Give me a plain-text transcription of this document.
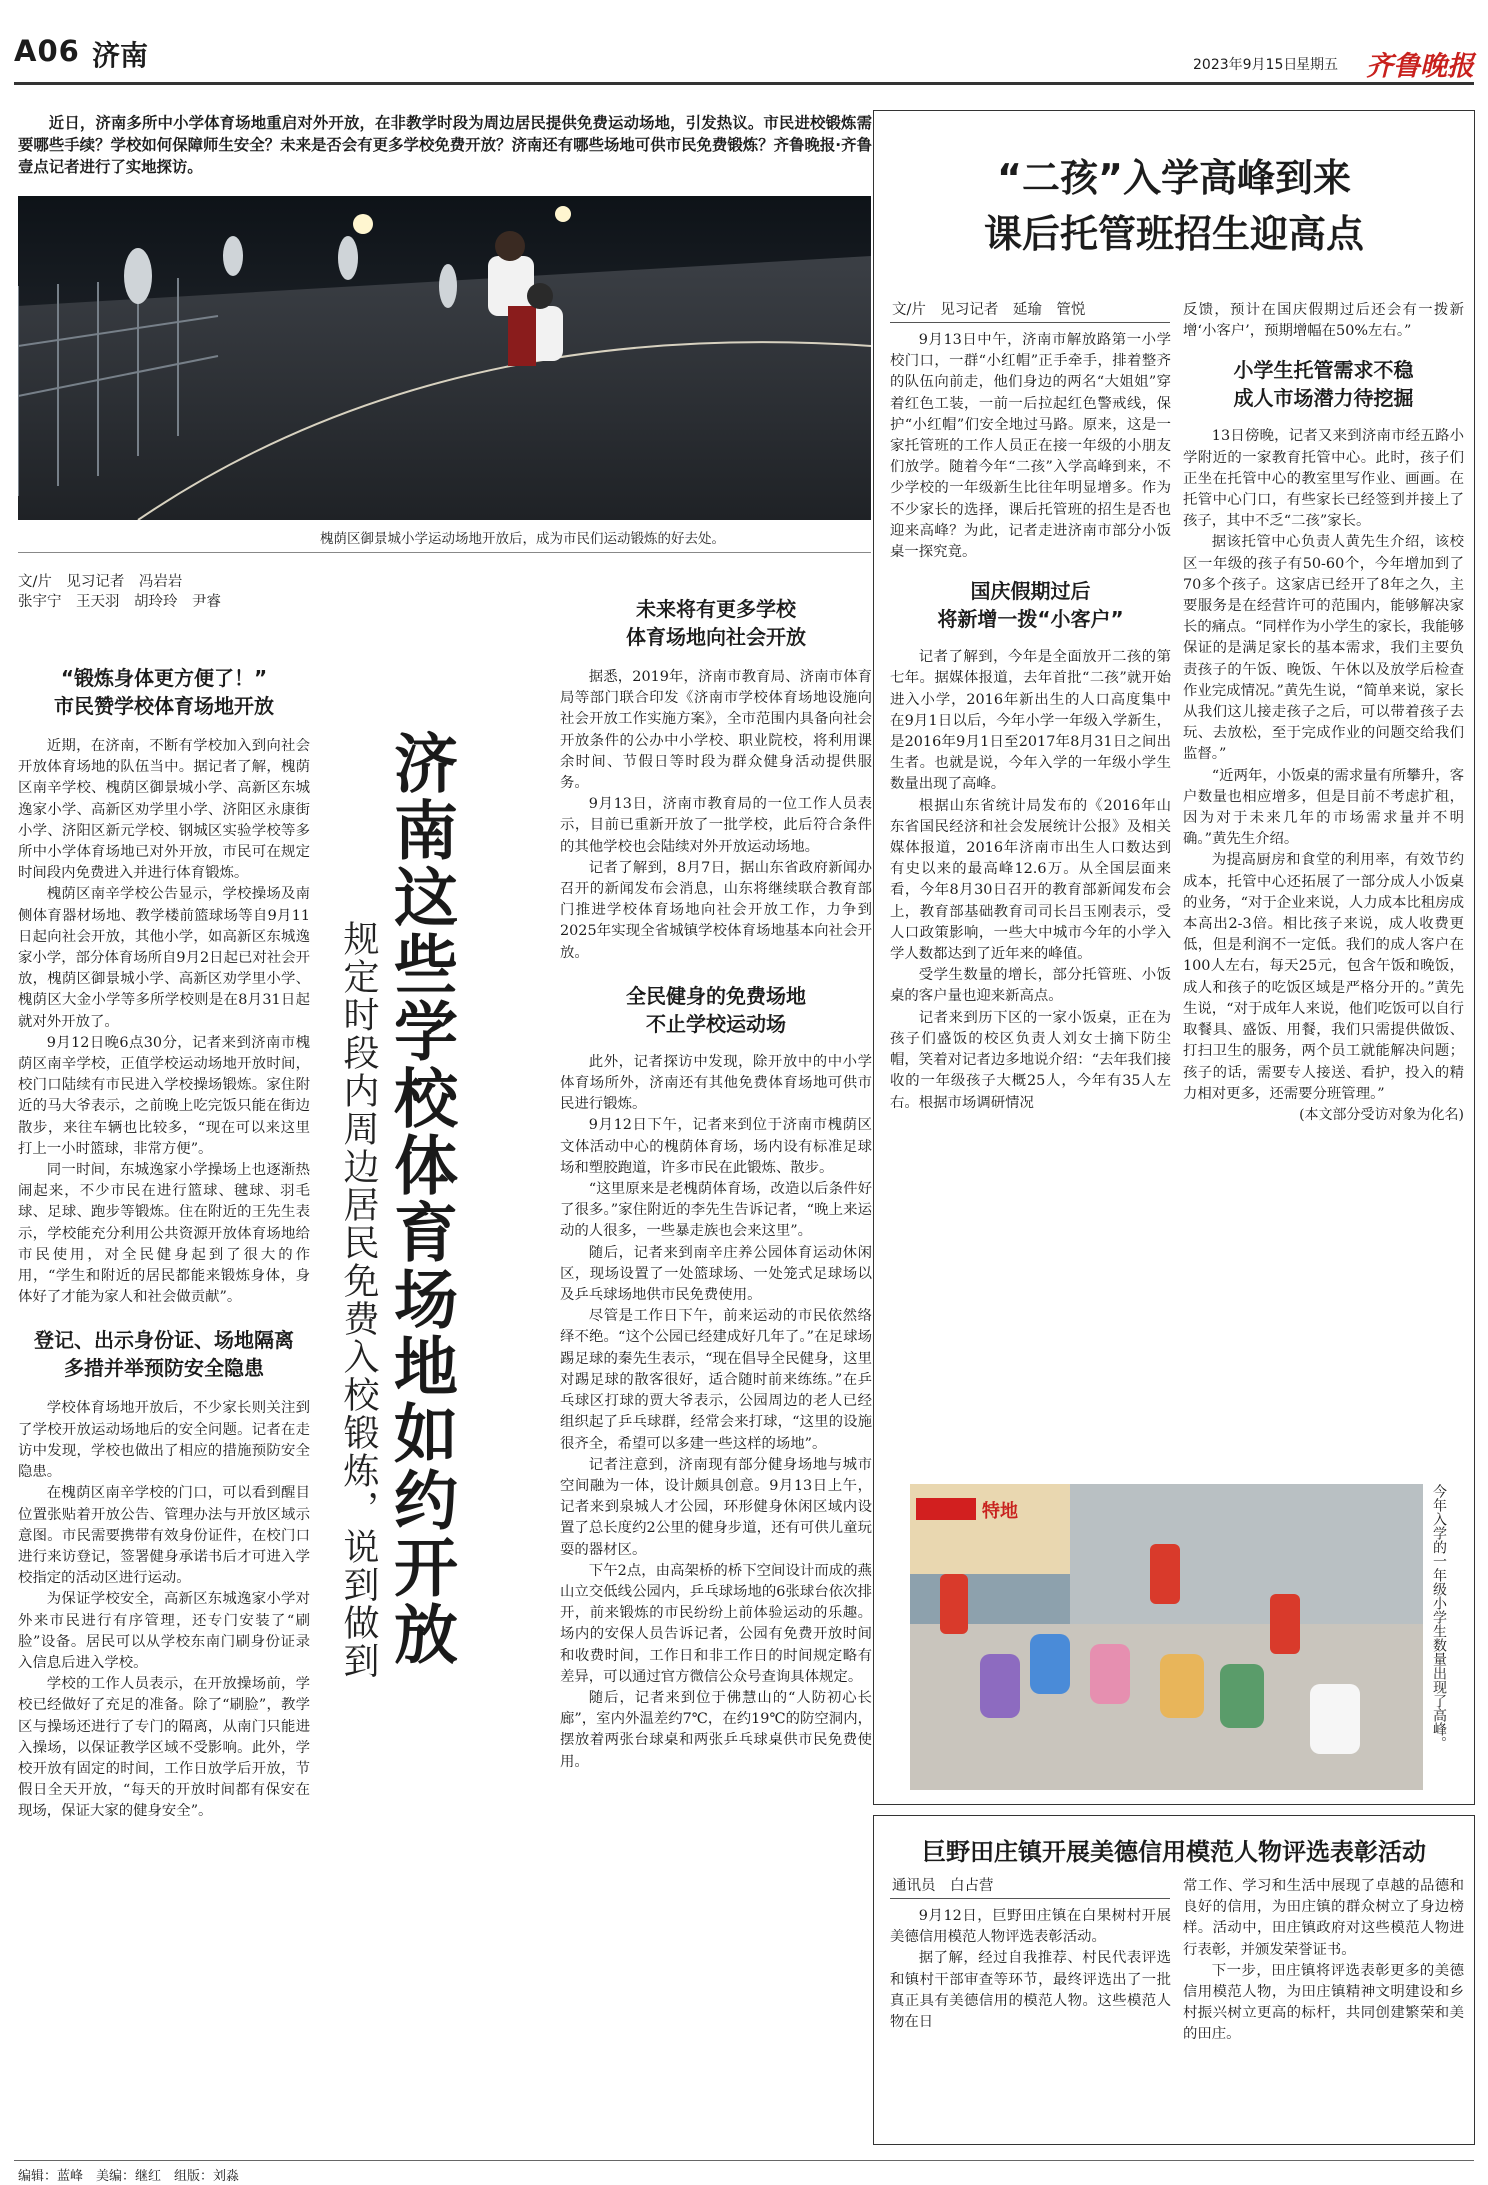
A06 济南	2023年9月15日
星期五 齐鲁晚报
近日，济南多所中小学体育场地重启对外开放，在非教学时段为周边居民提供免费运动场地，引发热议。市民进校锻炼需要哪些手续？学校如何保障师生安全？未来是否会有更多学校免费开放？济南还有哪些场地可供市民免费锻炼？齐鲁晚报·齐鲁壹点记者进行了实地探访。
槐荫区御景城小学运动场地开放后，成为市民们运动锻炼的好去处。
文/片　见习记者　冯岩岩
张宇宁　王天羽　胡玲玲　尹睿
“锻炼身体更方便了！”
市民赞学校体育场地开放

近期，在济南，不断有学校加入到向社会开放体育场地的队伍当中。据记者了解，槐荫区南辛学校、槐荫区御景城小学、高新区东城逸家小学、高新区劝学里小学、济阳区永康街小学、济阳区新元学校、钢城区实验学校等多所中小学体育场地已对外开放，市民可在规定时间段内免费进入并进行体育锻炼。

槐荫区南辛学校公告显示，学校操场及南侧体育器材场地、教学楼前篮球场等自9月11日起向社会开放，其他小学，如高新区东城逸家小学，部分体育场所自9月2日起已对社会开放，槐荫区御景城小学、高新区劝学里小学、槐荫区大金小学等多所学校则是在8月31日起就对外开放了。

9月12日晚6点30分，记者来到济南市槐荫区南辛学校，正值学校运动场地开放时间，校门口陆续有市民进入学校操场锻炼。家住附近的马大爷表示，之前晚上吃完饭只能在街边散步，来往车辆也比较多，“现在可以来这里打上一小时篮球，非常方便”。

同一时间，东城逸家小学操场上也逐渐热闹起来，不少市民在进行篮球、毽球、羽毛球、足球、跑步等锻炼。住在附近的王先生表示，学校能充分利用公共资源开放体育场地给市民使用，对全民健身起到了很大的作用，“学生和附近的居民都能来锻炼身体，身体好了才能为家人和社会做贡献”。

登记、出示身份证、场地隔离
多措并举预防安全隐患

学校体育场地开放后，不少家长则关注到了学校开放运动场地后的安全问题。记者在走访中发现，学校也做出了相应的措施预防安全隐患。

在槐荫区南辛学校的门口，可以看到醒目位置张贴着开放公告、管理办法与开放区域示意图。市民需要携带有效身份证件，在校门口进行来访登记，签署健身承诺书后才可进入学校指定的活动区进行运动。

为保证学校安全，高新区东城逸家小学对外来市民进行有序管理，还专门安装了“刷脸”设备。居民可以从学校东南门刷身份证录入信息后进入学校。

学校的工作人员表示，在开放操场前，学校已经做好了充足的准备。除了“刷脸”，教学区与操场还进行了专门的隔离，从南门只能进入操场，以保证教学区域不受影响。此外，学校开放有固定的时间，工作日放学后开放，节假日全天开放，“每天的开放时间都有保安在现场，保证大家的健身安全”。

济南这些学校体育场地如约开放
规定时段内周边居民免费入校锻炼，说到做到
未来将有更多学校
体育场地向社会开放

据悉，2019年，济南市教育局、济南市体育局等部门联合印发《济南市学校体育场地设施向社会开放工作实施方案》，全市范围内具备向社会开放条件的公办中小学校、职业院校，将利用课余时间、节假日等时段为群众健身活动提供服务。

9月13日，济南市教育局的一位工作人员表示，目前已重新开放了一批学校，此后符合条件的其他学校也会陆续对外开放运动场地。

记者了解到，8月7日，据山东省政府新闻办召开的新闻发布会消息，山东将继续联合教育部门推进学校体育场地向社会开放工作，力争到2025年实现全省城镇学校体育场地基本向社会开放。

全民健身的免费场地
不止学校运动场

此外，记者探访中发现，除开放中的中小学体育场所外，济南还有其他免费体育场地可供市民进行锻炼。

9月12日下午，记者来到位于济南市槐荫区文体活动中心的槐荫体育场，场内设有标准足球场和塑胶跑道，许多市民在此锻炼、散步。

“这里原来是老槐荫体育场，改造以后条件好了很多。”家住附近的李先生告诉记者，“晚上来运动的人很多，一些暴走族也会来这里”。

随后，记者来到南辛庄养公园体育运动休闲区，现场设置了一处篮球场、一处笼式足球场以及乒乓球场地供市民免费使用。

尽管是工作日下午，前来运动的市民依然络绎不绝。“这个公园已经建成好几年了。”在足球场踢足球的秦先生表示，“现在倡导全民健身，这里对踢足球的散客很好，适合随时前来练练。”在乒乓球区打球的贾大爷表示，公园周边的老人已经组织起了乒乓球群，经常会来打球，“这里的设施很齐全，希望可以多建一些这样的场地”。

记者注意到，济南现有部分健身场地与城市空间融为一体，设计颇具创意。9月13日上午，记者来到泉城人才公园，环形健身休闲区域内设置了总长度约2公里的健身步道，还有可供儿童玩耍的器材区。

下午2点，由高架桥的桥下空间设计而成的燕山立交低线公园内，乒乓球场地的6张球台依次排开，前来锻炼的市民纷纷上前体验运动的乐趣。场内的安保人员告诉记者，公园有免费开放时间和收费时间，工作日和非工作日的时间规定略有差异，可以通过官方微信公众号查询具体规定。

随后，记者来到位于佛慧山的“人防初心长廊”，室内外温差约7℃，在约19℃的防空洞内，摆放着两张台球桌和两张乒乓球桌供市民免费使用。

“二孩”入学高峰到来
课后托管班招生迎高点
文/片　见习记者　延瑜　管悦

9月13日中午，济南市解放路第一小学校门口，一群“小红帽”正手牵手，排着整齐的队伍向前走，他们身边的两名“大姐姐”穿着红色工装，一前一后拉起红色警戒线，保护“小红帽”们安全地过马路。原来，这是一家托管班的工作人员正在接一年级的小朋友们放学。随着今年“二孩”入学高峰到来，不少学校的一年级新生比往年明显增多。作为不少家长的选择，课后托管班的招生是否也迎来高峰？为此，记者走进济南市部分小饭桌一探究竟。

国庆假期过后
将新增一拨“小客户”

记者了解到，今年是全面放开二孩的第七年。据媒体报道，去年首批“二孩”就开始进入小学，2016年新出生的人口高度集中在9月1日以后，今年小学一年级入学新生，是2016年9月1日至2017年8月31日之间出生者。也就是说，今年入学的一年级小学生数量出现了高峰。

根据山东省统计局发布的《2016年山东省国民经济和社会发展统计公报》及相关媒体报道，2016年济南市出生人口数达到有史以来的最高峰12.6万。从全国层面来看，今年8月30日召开的教育部新闻发布会上，教育部基础教育司司长吕玉刚表示，受人口政策影响，一些大中城市今年的小学入学人数都达到了近年来的峰值。

受学生数量的增长，部分托管班、小饭桌的客户量也迎来新高点。

记者来到历下区的一家小饭桌，正在为孩子们盛饭的校区负责人刘女士摘下防尘帽，笑着对记者边多地说介绍：“去年我们接收的一年级孩子大概25人，今年有35人左右。根据市场调研情况

反馈，预计在国庆假期过后还会有一拨新增‘小客户’，预期增幅在50%左右。”
小学生托管需求不稳
成人市场潜力待挖掘

13日傍晚，记者又来到济南市经五路小学附近的一家教育托管中心。此时，孩子们正坐在托管中心的教室里写作业、画画。在托管中心门口，有些家长已经签到并接上了孩子，其中不乏“二孩”家长。

据该托管中心负责人黄先生介绍，该校区一年级的孩子有50-60个，今年增加到了70多个孩子。这家店已经开了8年之久，主要服务是在经营许可的范围内，能够解决家长的痛点。“同样作为小学生的家长，我能够保证的是满足家长的基本需求，我们主要负责孩子的午饭、晚饭、午休以及放学后检查作业完成情况。”黄先生说，“简单来说，家长从我们这儿接走孩子之后，可以带着孩子去玩、去放松，至于完成作业的问题交给我们监督。”

“近两年，小饭桌的需求量有所攀升，客户数量也相应增多，但是目前不考虑扩租，因为对于未来几年的市场需求量并不明确。”黄先生介绍。

为提高厨房和食堂的利用率，有效节约成本，托管中心还拓展了一部分成人小饭桌的业务，“对于企业来说，人力成本比租房成本高出2-3倍。相比孩子来说，成人收费更低，但是利润不一定低。我们的成人客户在100人左右，每天25元，包含午饭和晚饭，成人和孩子的吃饭区域是严格分开的。”黄先生说，“对于成年人来说，他们吃饭可以自行取餐具、盛饭、用餐，我们只需提供做饭、打扫卫生的服务，两个员工就能解决问题；孩子的话，需要专人接送、看护，投入的精力相对更多，还需要分班管理。”

(本文部分受访对象为化名)
特地	今年入学的一年级小学生数量出现了高峰。
巨野田庄镇开展美德信用模范人物评选表彰活动
通讯员　白占营

9月12日，巨野田庄镇在白果树村开展美德信用模范人物评选表彰活动。

据了解，经过自我推荐、村民代表评选和镇村干部审查等环节，最终评选出了一批真正具有美德信用的模范人物。这些模范人物在日

常工作、学习和生活中展现了卓越的品德和良好的信用，为田庄镇的群众树立了身边榜样。活动中，田庄镇政府对这些模范人物进行表彰，并颁发荣誉证书。

下一步，田庄镇将评选表彰更多的美德信用模范人物，为田庄镇精神文明建设和乡村振兴树立更高的标杆，共同创建繁荣和美的田庄。

编辑：蓝峰　美编：继红　组版：刘淼
